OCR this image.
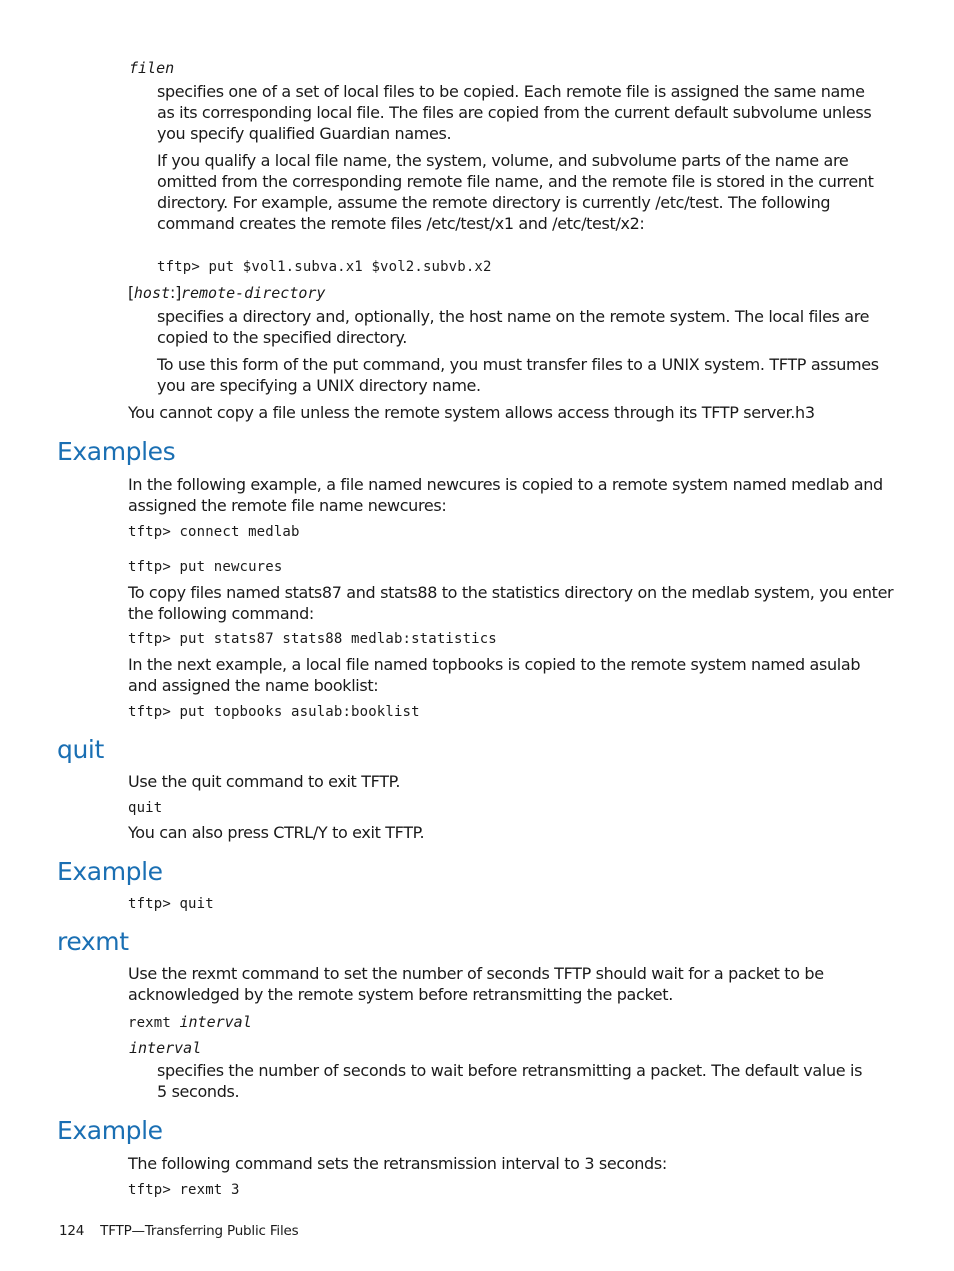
filen
specifies one of a set of local files to be copied. Each remote file is assigned the same name
as its corresponding local file. The files are copied from the current default subvolume unless
you specify qualified Guardian names.
If you qualify a local file name, the system, volume, and subvolume parts of the name are
omitted from the corresponding remote file name, and the remote file is stored in the current
directory. For example, assume the remote directory is currently /etc/test. The following
command creates the remote files /etc/test/x1 and /etc/test/x2:
tftp> put $vol1.subva.x1 $vol2.subvb.x2
[host:]remote-directory
specifies a directory and, optionally, the host name on the remote system. The local files are
copied to the specified directory.
To use this form of the put command, you must transfer files to a UNIX system. TFTP assumes
you are specifying a UNIX directory name.
You cannot copy a file unless the remote system allows access through its TFTP server.h3
Examples
In the following example, a file named newcures is copied to a remote system named medlab and
assigned the remote file name newcures:
tftp> connect medlab
tftp> put newcures
To copy files named stats87 and stats88 to the statistics directory on the medlab system, you enter
the following command:
tftp> put stats87 stats88 medlab:statistics
In the next example, a local file named topbooks is copied to the remote system named asulab
and assigned the name booklist:
tftp> put topbooks asulab:booklist
quit
Use the quit command to exit TFTP.
quit
You can also press CTRL/Y to exit TFTP.
Example
tftp> quit
rexmt
Use the rexmt command to set the number of seconds TFTP should wait for a packet to be
acknowledged by the remote system before retransmitting the packet.
rexmt interval
interval
specifies the number of seconds to wait before retransmitting a packet. The default value is
5 seconds.
Example
The following command sets the retransmission interval to 3 seconds:
tftp> rexmt 3
124 TFTP—Transferring Public Files
